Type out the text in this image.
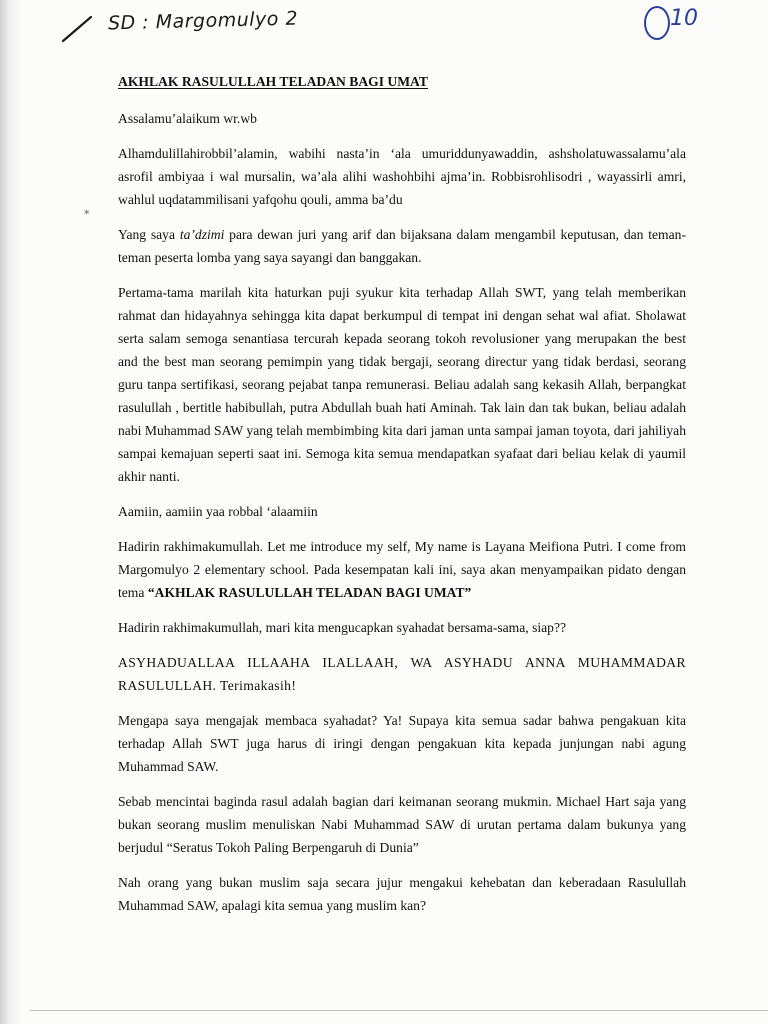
SD : Margomulyo 2	10
⁎
AKHLAK RASULULLAH TELADAN BAGI UMAT

Assalamu’alaikum wr.wb

Alhamdulillahirobbil’alamin, wabihi nasta’in ‘ala umuriddunyawaddin, ashsholatuwassalamu’ala asrofil ambiyaa i wal mursalin, wa’ala alihi washohbihi ajma’in. Robbisrohlisodri , wayassirli amri, wahlul uqdatammilisani yafqohu qouli, amma ba’du

Yang saya ta’dzimi para dewan juri yang arif dan bijaksana dalam mengambil keputusan, dan teman-teman peserta lomba yang saya sayangi dan banggakan.

Pertama-tama marilah kita haturkan puji syukur kita terhadap Allah SWT, yang telah memberikan rahmat dan hidayahnya sehingga kita dapat berkumpul di tempat ini dengan sehat wal afiat. Sholawat serta salam semoga senantiasa tercurah kepada seorang tokoh revolusioner yang merupakan the best and the best man seorang pemimpin yang tidak bergaji, seorang directur yang tidak berdasi, seorang guru tanpa sertifikasi, seorang pejabat tanpa remunerasi. Beliau adalah sang kekasih Allah, berpangkat rasulullah , bertitle habibullah, putra Abdullah buah hati Aminah. Tak lain dan tak bukan, beliau adalah nabi Muhammad SAW yang telah membimbing kita dari jaman unta sampai jaman toyota, dari jahiliyah sampai kemajuan seperti saat ini. Semoga kita semua mendapatkan syafaat dari beliau kelak di yaumil akhir nanti.

Aamiin, aamiin yaa robbal ‘alaamiin

Hadirin rakhimakumullah. Let me introduce my self, My name is Layana Meifiona Putri. I come from Margomulyo 2 elementary school. Pada kesempatan kali ini, saya akan menyampaikan pidato dengan tema “AKHLAK RASULULLAH TELADAN BAGI UMAT”

Hadirin rakhimakumullah, mari kita mengucapkan syahadat bersama-sama, siap??

ASYHADUALLAA ILLAAHA ILALLAAH, WA ASYHADU ANNA MUHAMMADAR RASULULLAH. Terimakasih!

Mengapa saya mengajak membaca syahadat? Ya! Supaya kita semua sadar bahwa pengakuan kita terhadap Allah SWT juga harus di iringi dengan pengakuan kita kepada junjungan nabi agung Muhammad SAW.

Sebab mencintai baginda rasul adalah bagian dari keimanan seorang mukmin. Michael Hart saja yang bukan seorang muslim menuliskan Nabi Muhammad SAW di urutan pertama dalam bukunya yang berjudul “Seratus Tokoh Paling Berpengaruh di Dunia”

Nah orang yang bukan muslim saja secara jujur mengakui kehebatan dan keberadaan Rasulullah Muhammad SAW, apalagi kita semua yang muslim kan?
